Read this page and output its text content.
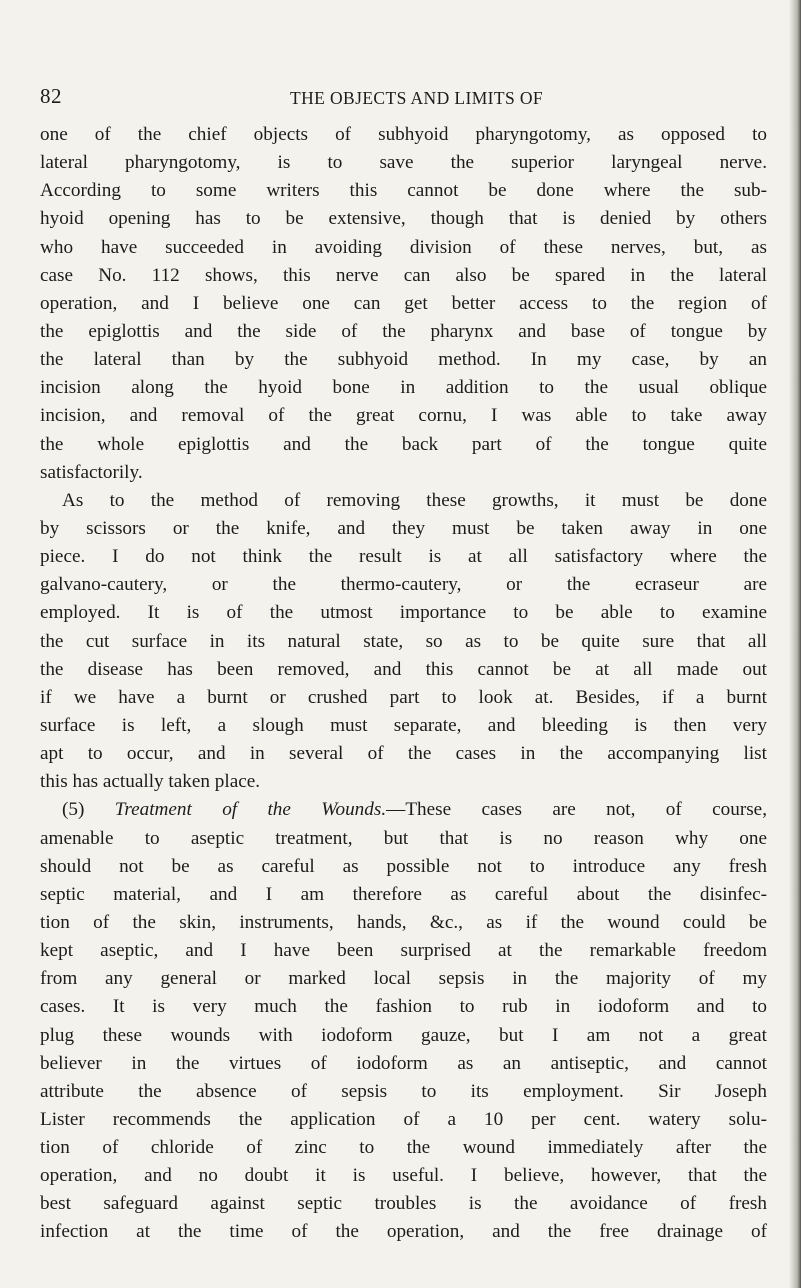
82	THE OBJECTS AND LIMITS OF
one of the chief objects of subhyoid pharyngotomy, as opposed to
lateral pharyngotomy, is to save the superior laryngeal nerve.
According to some writers this cannot be done where the sub-
hyoid opening has to be extensive, though that is denied by others
who have succeeded in avoiding division of these nerves, but, as
case No. 112 shows, this nerve can also be spared in the lateral
operation, and I believe one can get better access to the region of
the epiglottis and the side of the pharynx and base of tongue by
the lateral than by the subhyoid method. In my case, by an
incision along the hyoid bone in addition to the usual oblique
incision, and removal of the great cornu, I was able to take away
the whole epiglottis and the back part of the tongue quite
satisfactorily.
As to the method of removing these growths, it must be done
by scissors or the knife, and they must be taken away in one
piece. I do not think the result is at all satisfactory where the
galvano-cautery, or the thermo-cautery, or the ecraseur are
employed. It is of the utmost importance to be able to examine
the cut surface in its natural state, so as to be quite sure that all
the disease has been removed, and this cannot be at all made out
if we have a burnt or crushed part to look at. Besides, if a burnt
surface is left, a slough must separate, and bleeding is then very
apt to occur, and in several of the cases in the accompanying list
this has actually taken place.
(5) Treatment of the Wounds.—These cases are not, of course,
amenable to aseptic treatment, but that is no reason why one
should not be as careful as possible not to introduce any fresh
septic material, and I am therefore as careful about the disinfec-
tion of the skin, instruments, hands, &c., as if the wound could be
kept aseptic, and I have been surprised at the remarkable freedom
from any general or marked local sepsis in the majority of my
cases. It is very much the fashion to rub in iodoform and to
plug these wounds with iodoform gauze, but I am not a great
believer in the virtues of iodoform as an antiseptic, and cannot
attribute the absence of sepsis to its employment. Sir Joseph
Lister recommends the application of a 10 per cent. watery solu-
tion of chloride of zinc to the wound immediately after the
operation, and no doubt it is useful. I believe, however, that the
best safeguard against septic troubles is the avoidance of fresh
infection at the time of the operation, and the free drainage of
